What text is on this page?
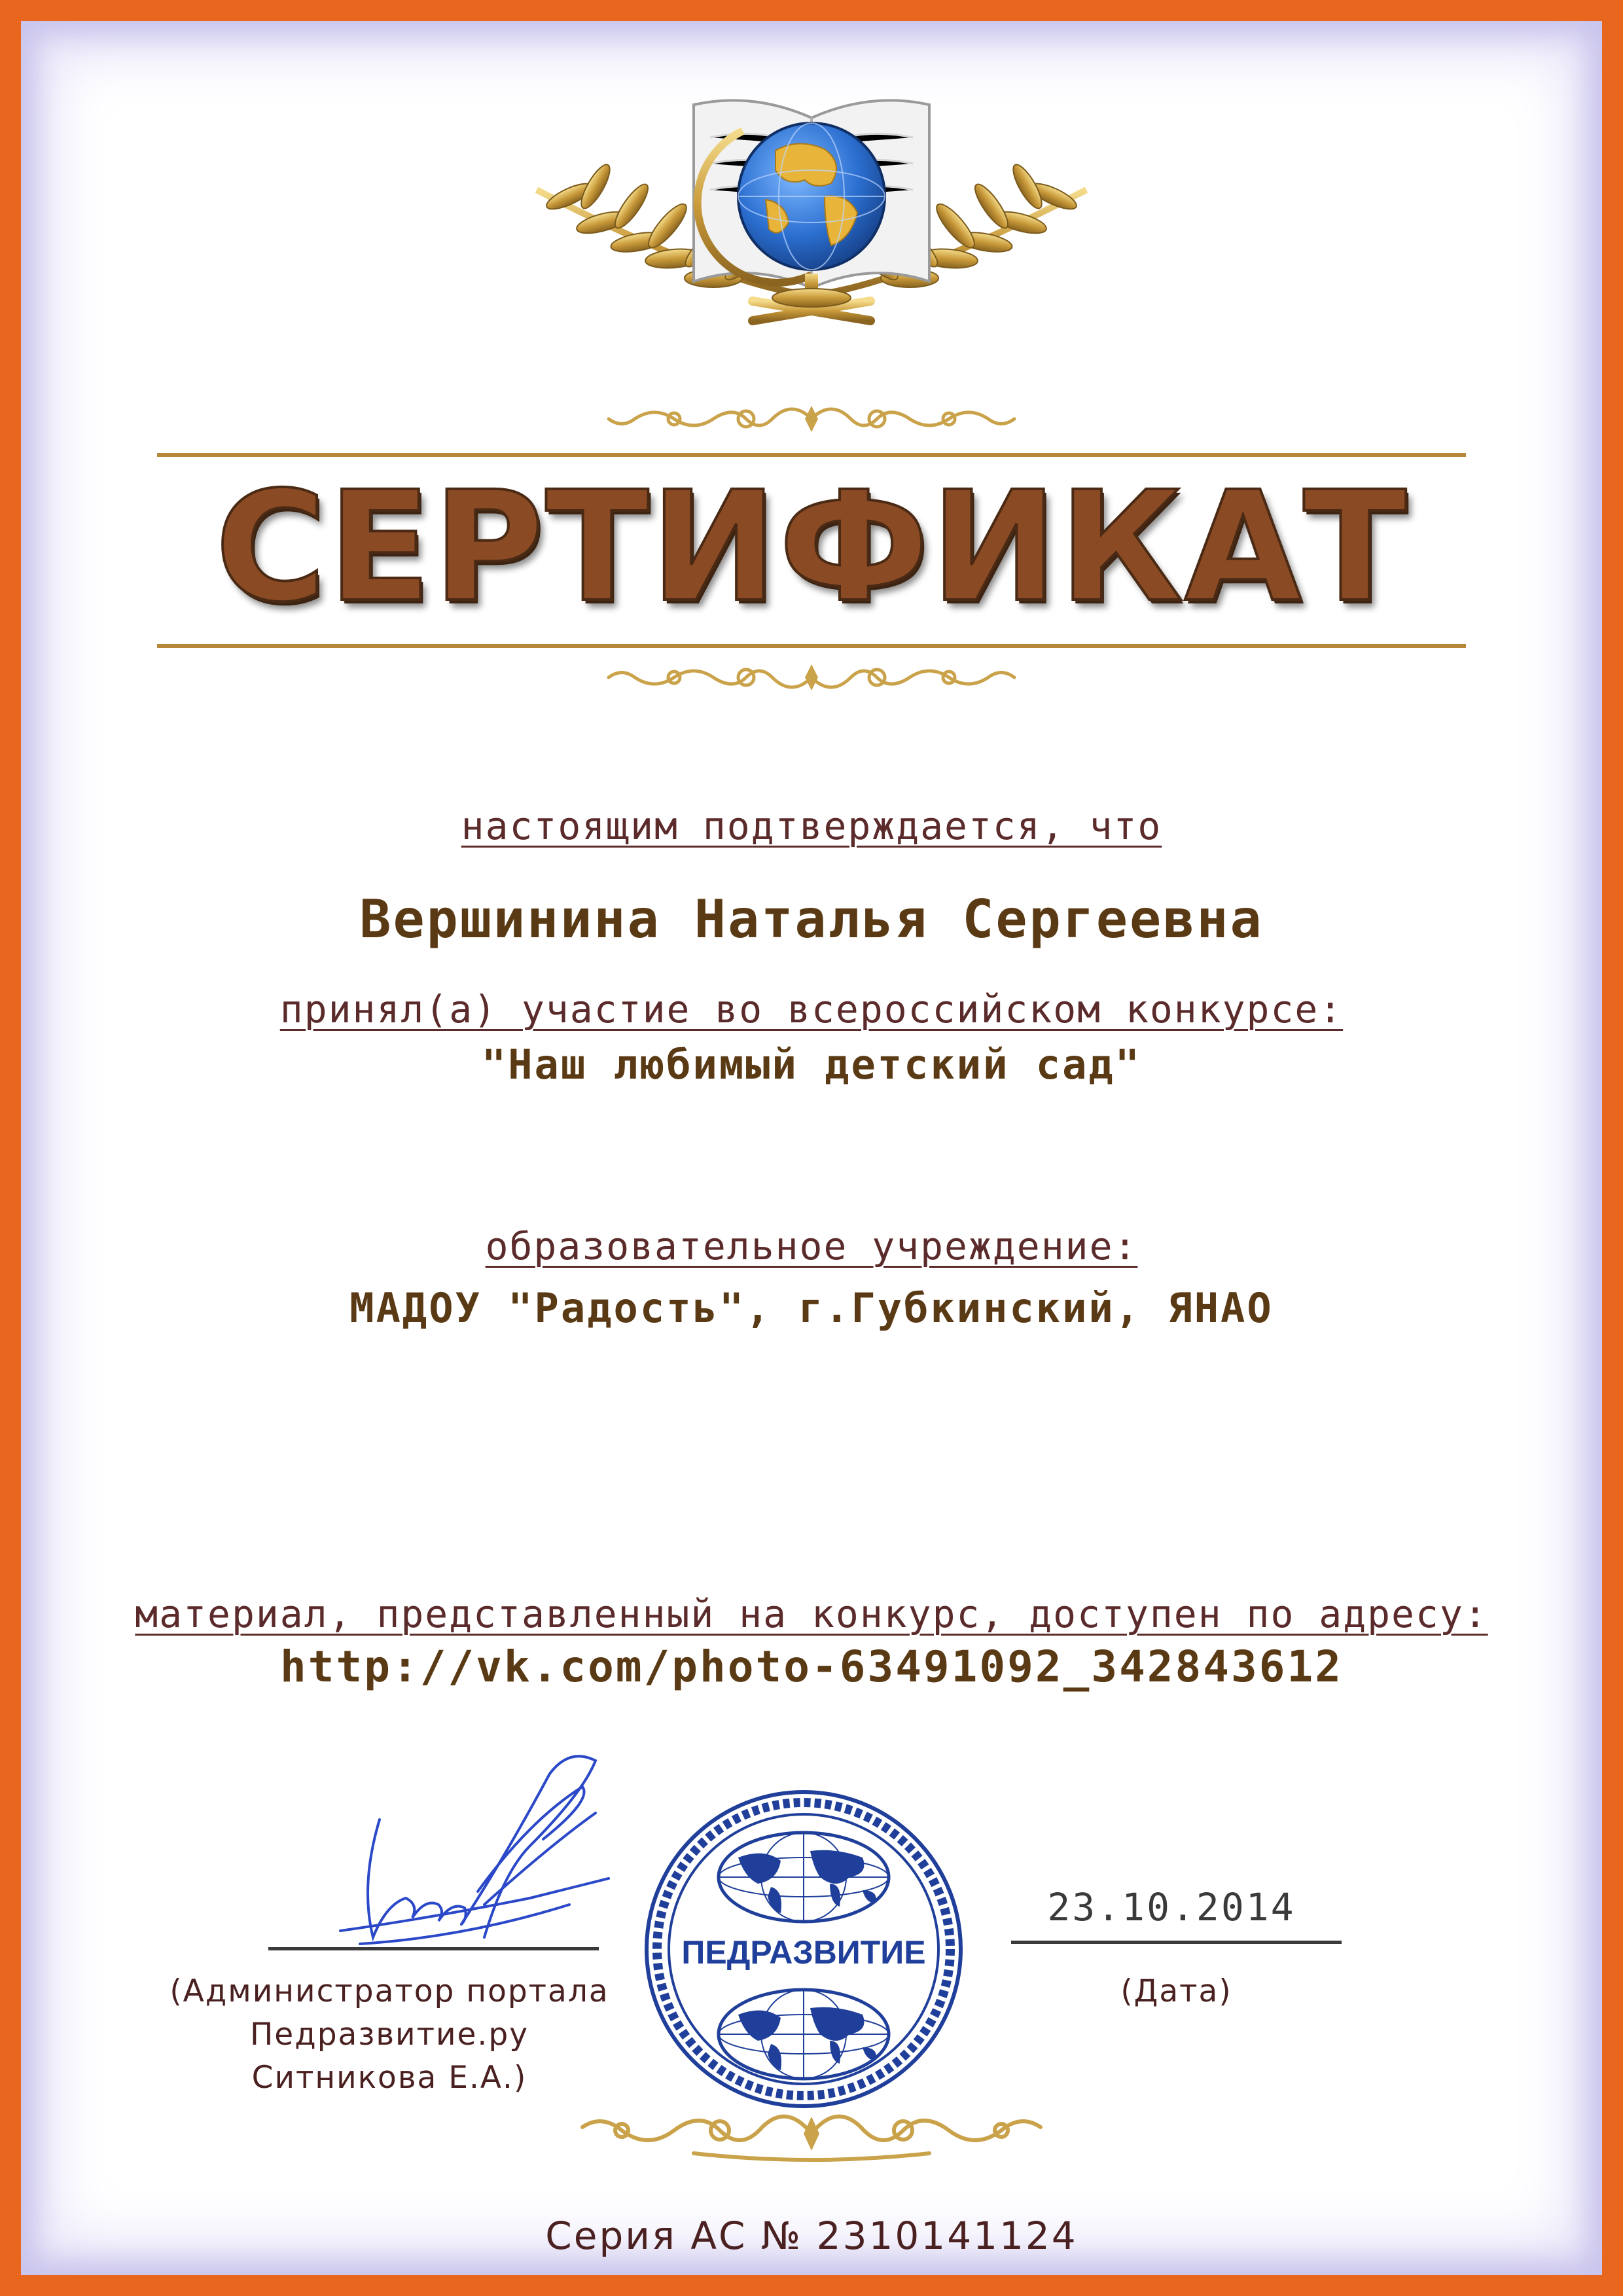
СЕРТИФИКАТ
настоящим подтверждается, что
Вершинина Наталья Сергеевна
принял(а) участие во всероссийском конкурсе:
"Наш любимый детский сад"
образовательное учреждение:
МАДОУ "Радость", г.Губкинский, ЯНАО
материал, представленный на конкурс, доступен по адресу:
http://vk.com/photo-63491092_342843612
(Администратор портала
Педразвитие.ру
Ситникова Е.А.)
ПЕДРАЗВИТИЕ
23.10.2014
(Дата)
Серия АС № 2310141124
